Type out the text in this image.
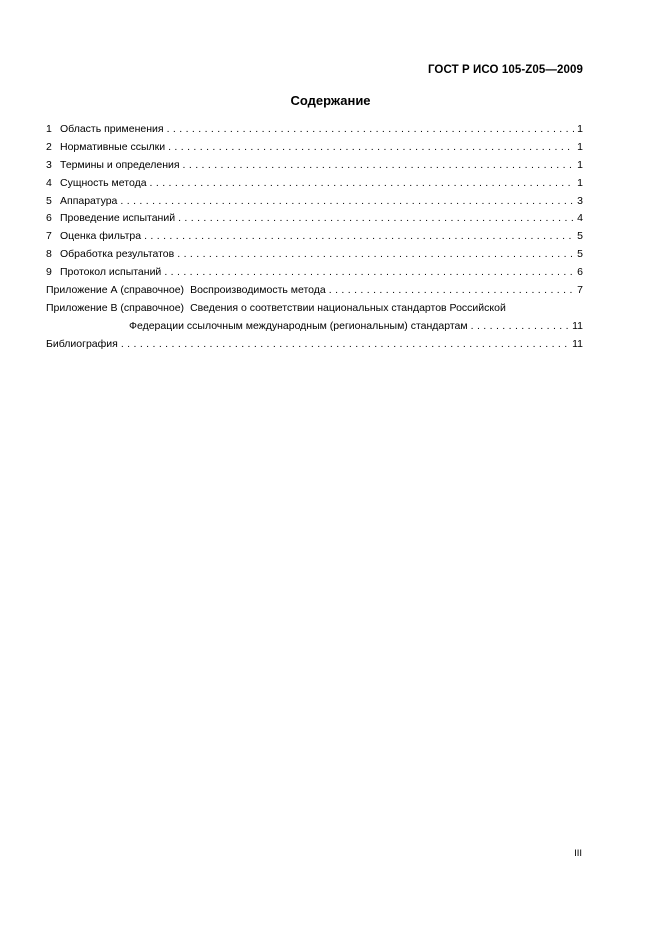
ГОСТ Р ИСО 105-Z05—2009
Содержание
1 Область применения . . .	1
2 Нормативные ссылки . . .	1
3 Термины и определения . . .	1
4 Сущность метода . . .	1
5 Аппаратура . . .	3
6 Проведение испытаний . . .	4
7 Оценка фильтра . . .	5
8 Обработка результатов . . .	5
9 Протокол испытаний . . .	6
Приложение А (справочное) Воспроизводимость метода . . .	7
Приложение В (справочное) Сведения о соответствии национальных стандартов Российской
Федерации ссылочным международным (региональным) стандартам . . .	11
Библиография . . .	11
III
